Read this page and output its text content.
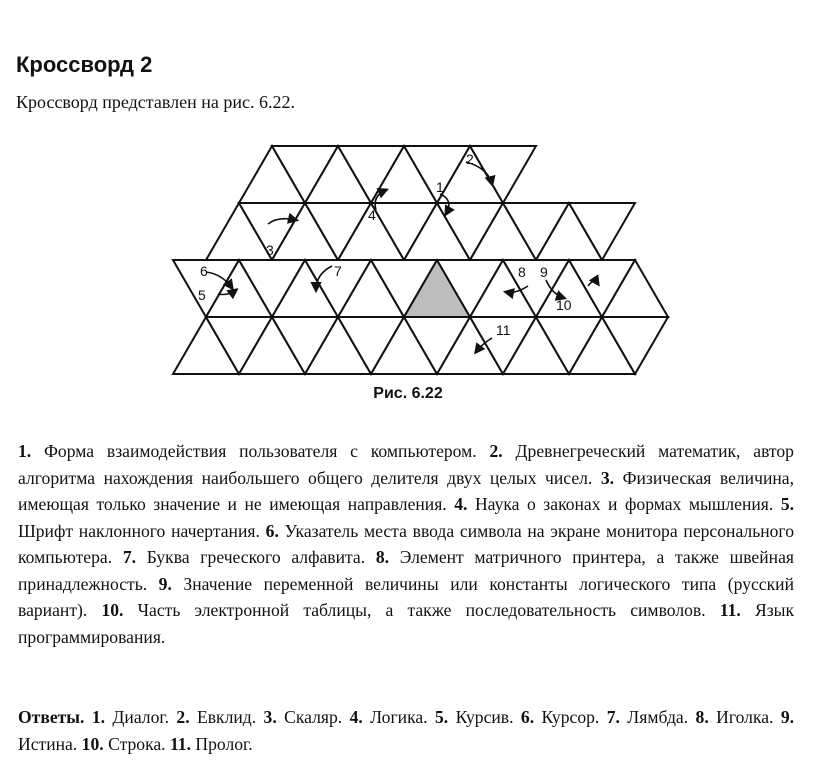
Кроссворд 2
Кроссворд представлен на рис. 6.22.
1
2
3
4
5
6	7	8 9
10
11
Рис. 6.22
1. Форма взаимодействия пользователя с компьютером. 2. Древнегреческий математик, автор алгоритма нахождения наибольшего общего делителя двух целых чисел. 3. Физическая величина, имеющая только значение и не имеющая направления. 4. Наука о законах и формах мышления. 5. Шрифт наклонного начертания. 6. Указатель места ввода символа на экране монитора персонального компьютера. 7. Буква греческого алфавита. 8. Элемент матричного принтера, а также швейная принадлежность. 9. Значение переменной величины или константы логического типа (русский вариант). 10. Часть электронной таблицы, а также последовательность символов. 11. Язык программирования.
Ответы. 1. Диалог. 2. Евклид. 3. Скаляр. 4. Логика. 5. Курсив. 6. Курсор. 7. Лямбда. 8. Иголка. 9. Истина. 10. Строка. 11. Пролог.
